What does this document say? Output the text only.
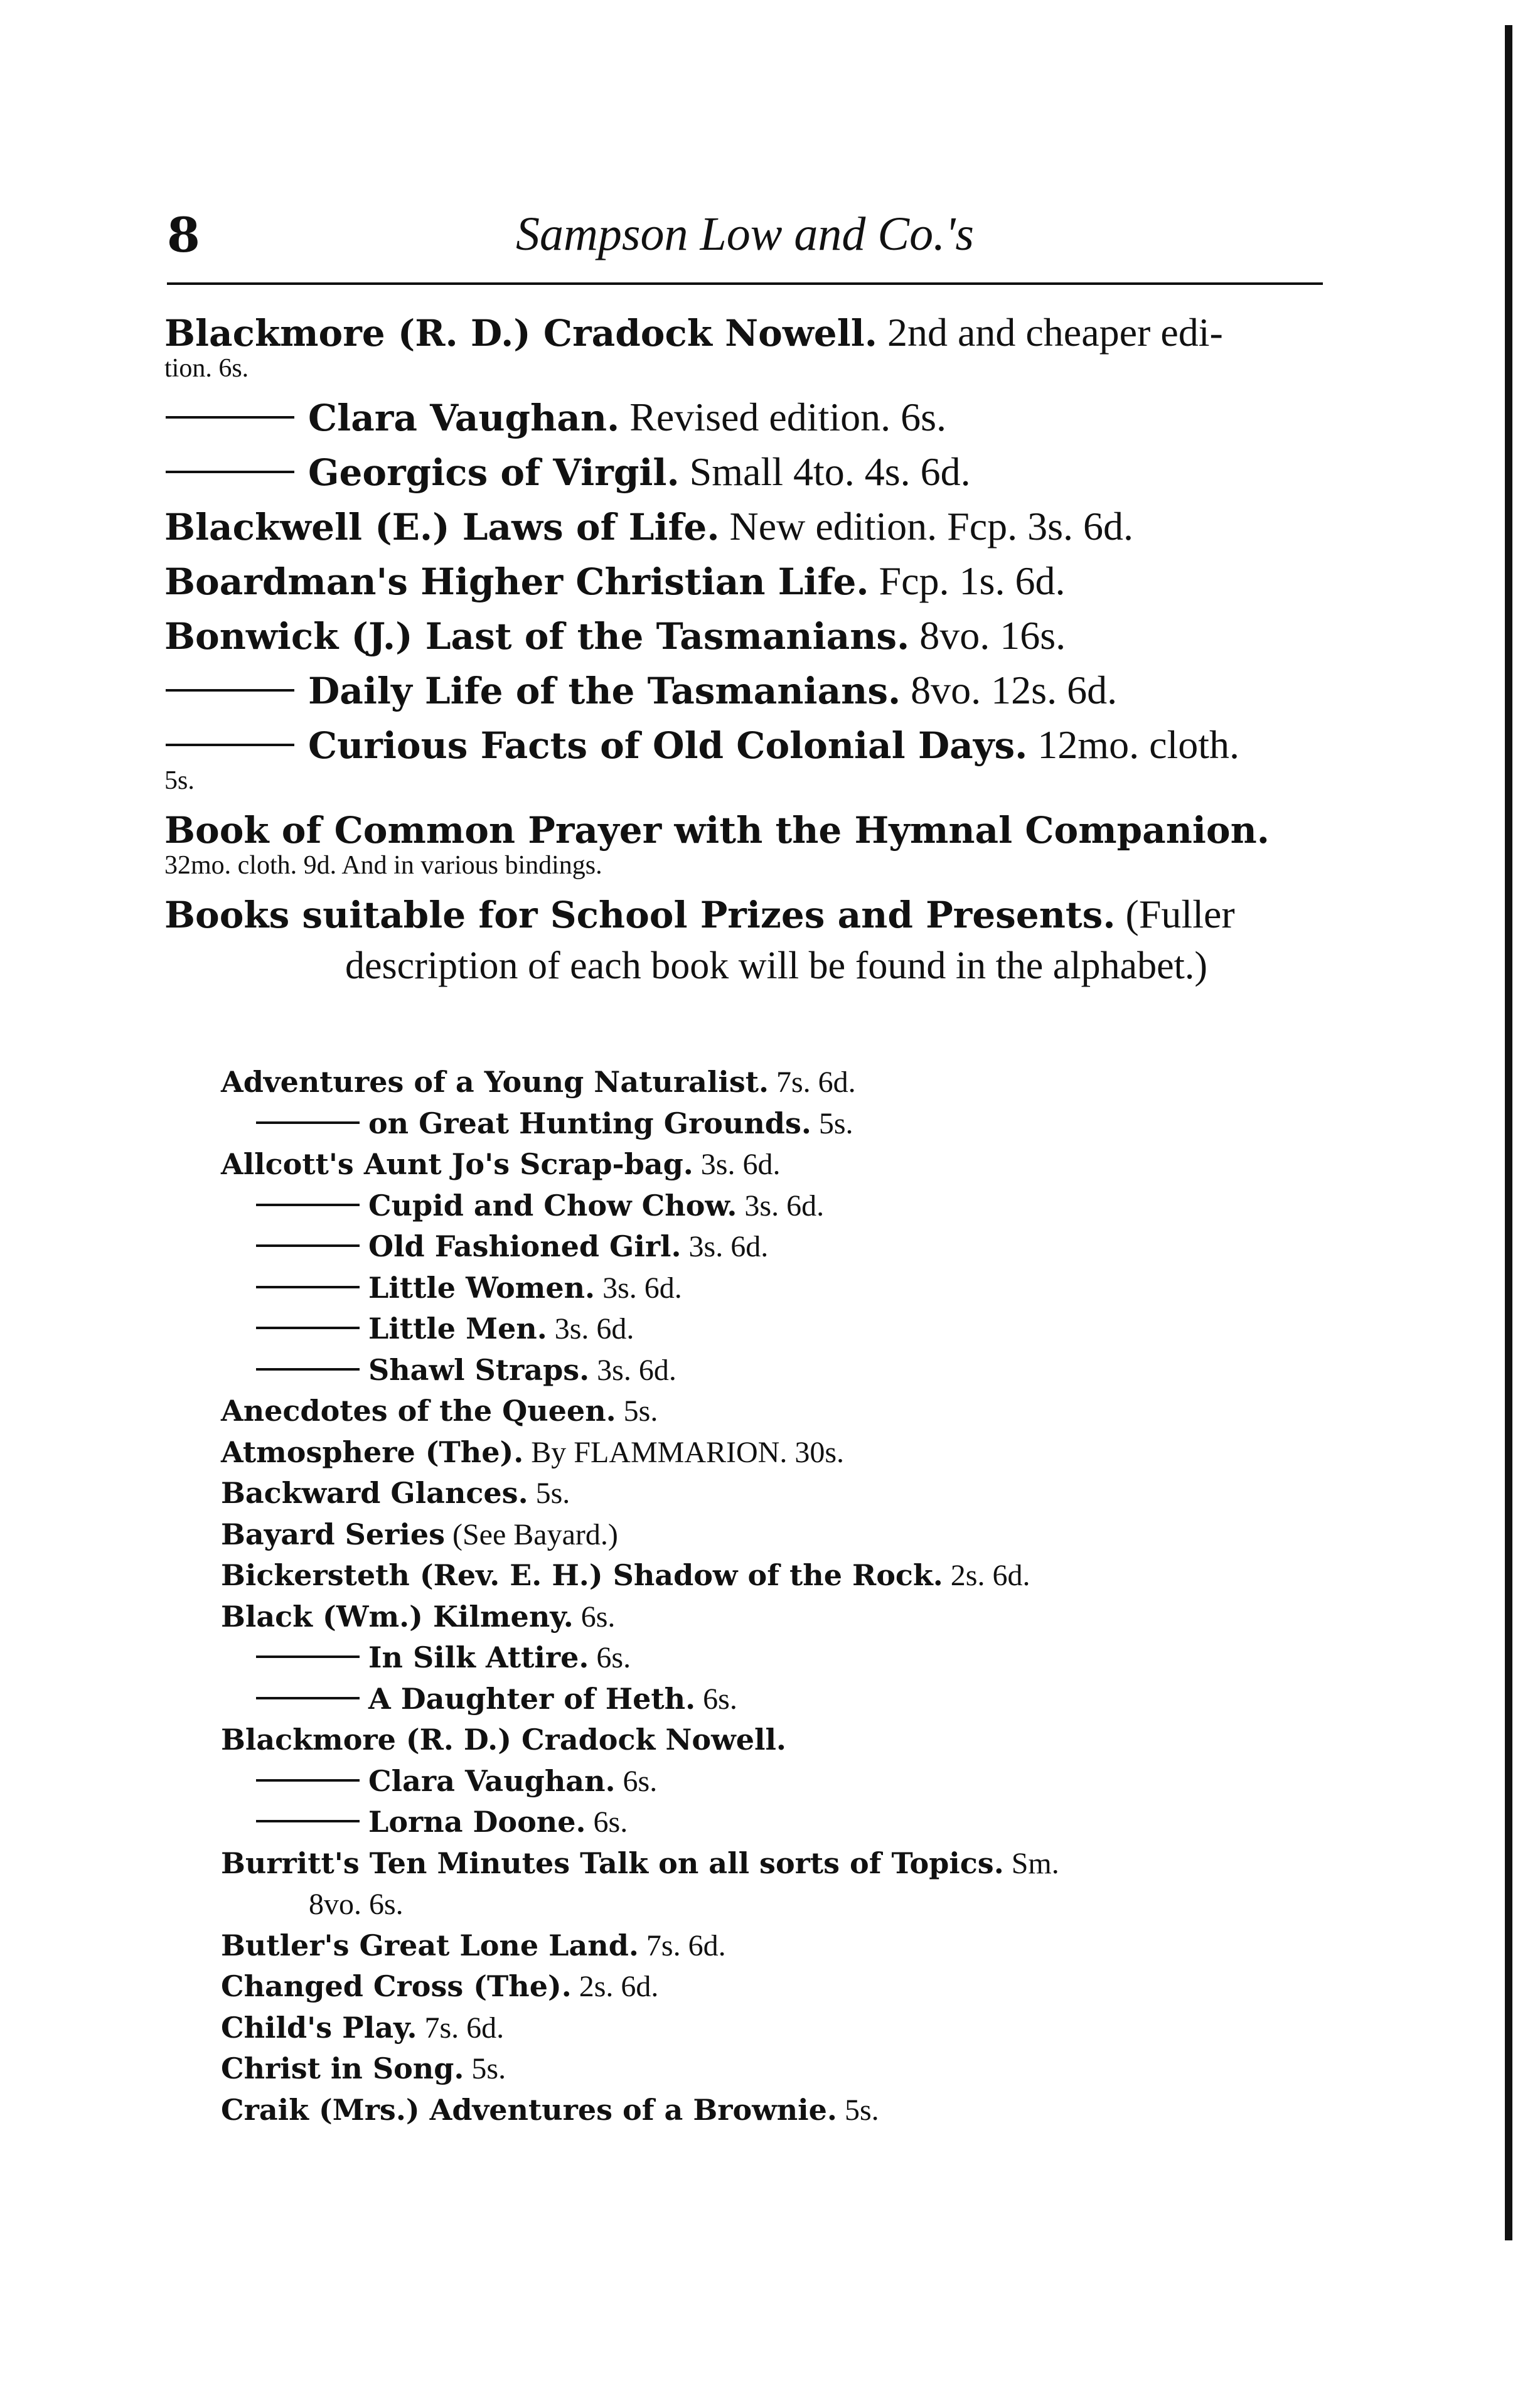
8	Sampson Low and Co.'s
Blackmore (R. D.) Cradock Nowell. 2nd and cheaper edi-
tion. 6s.
Clara Vaughan. Revised edition. 6s.
Georgics of Virgil. Small 4to. 4s. 6d.
Blackwell (E.) Laws of Life. New edition. Fcp. 3s. 6d.
Boardman's Higher Christian Life. Fcp. 1s. 6d.
Bonwick (J.) Last of the Tasmanians. 8vo. 16s.
Daily Life of the Tasmanians. 8vo. 12s. 6d.
Curious Facts of Old Colonial Days. 12mo. cloth.
5s.
Book of Common Prayer with the Hymnal Companion.
32mo. cloth. 9d. And in various bindings.
Books suitable for School Prizes and Presents. (Fuller
description of each book will be found in the alphabet.)
Adventures of a Young Naturalist. 7s. 6d.
on Great Hunting Grounds. 5s.
Allcott's Aunt Jo's Scrap-bag. 3s. 6d.
Cupid and Chow Chow. 3s. 6d.
Old Fashioned Girl. 3s. 6d.
Little Women. 3s. 6d.
Little Men. 3s. 6d.
Shawl Straps. 3s. 6d.
Anecdotes of the Queen. 5s.
Atmosphere (The). By FLAMMARION. 30s.
Backward Glances. 5s.
Bayard Series (See Bayard.)
Bickersteth (Rev. E. H.) Shadow of the Rock. 2s. 6d.
Black (Wm.) Kilmeny. 6s.
In Silk Attire. 6s.
A Daughter of Heth. 6s.
Blackmore (R. D.) Cradock Nowell.
Clara Vaughan. 6s.
Lorna Doone. 6s.
Burritt's Ten Minutes Talk on all sorts of Topics. Sm.
8vo. 6s.
Butler's Great Lone Land. 7s. 6d.
Changed Cross (The). 2s. 6d.
Child's Play. 7s. 6d.
Christ in Song. 5s.
Craik (Mrs.) Adventures of a Brownie. 5s.
